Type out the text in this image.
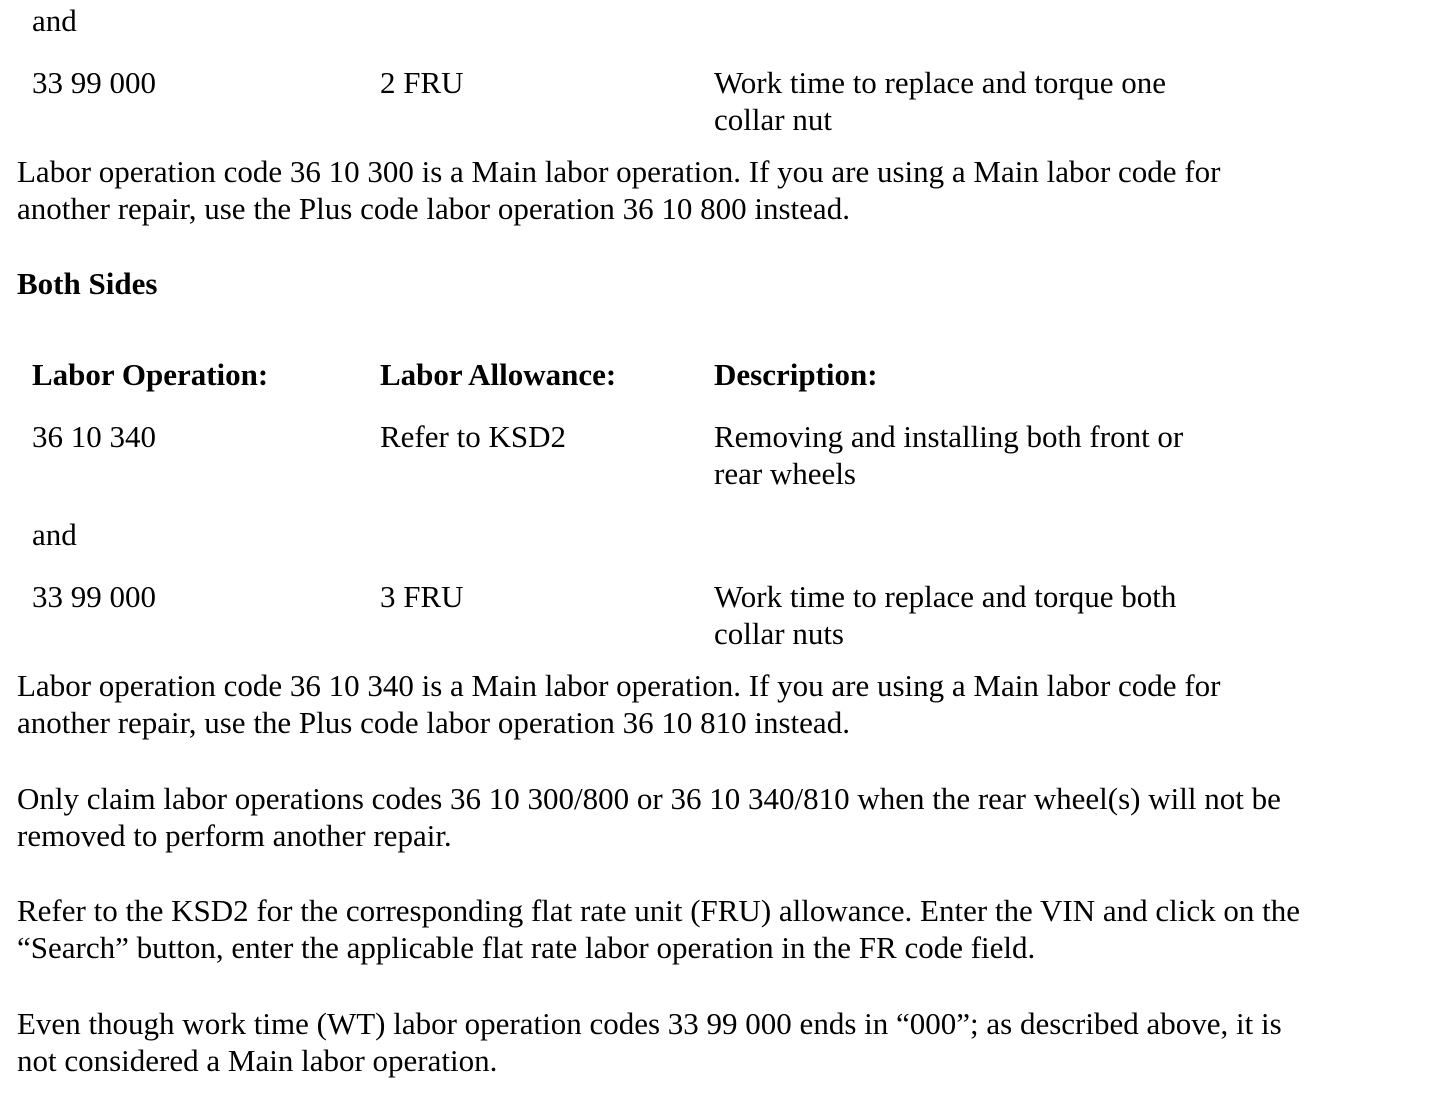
and
33 99 000	2 FRU	Work time to replace and torque one
collar nut
Labor operation code 36 10 300 is a Main labor operation. If you are using a Main labor code for
another repair, use the Plus code labor operation 36 10 800 instead.
Both Sides
Labor Operation:	Labor Allowance:	Description:
36 10 340	Refer to KSD2	Removing and installing both front or
rear wheels
and
33 99 000	3 FRU	Work time to replace and torque both
collar nuts
Labor operation code 36 10 340 is a Main labor operation. If you are using a Main labor code for
another repair, use the Plus code labor operation 36 10 810 instead.
Only claim labor operations codes 36 10 300/800 or 36 10 340/810 when the rear wheel(s) will not be
removed to perform another repair.
Refer to the KSD2 for the corresponding flat rate unit (FRU) allowance. Enter the VIN and click on the
“Search” button, enter the applicable flat rate labor operation in the FR code field.
Even though work time (WT) labor operation codes 33 99 000 ends in “000”; as described above, it is
not considered a Main labor operation.
